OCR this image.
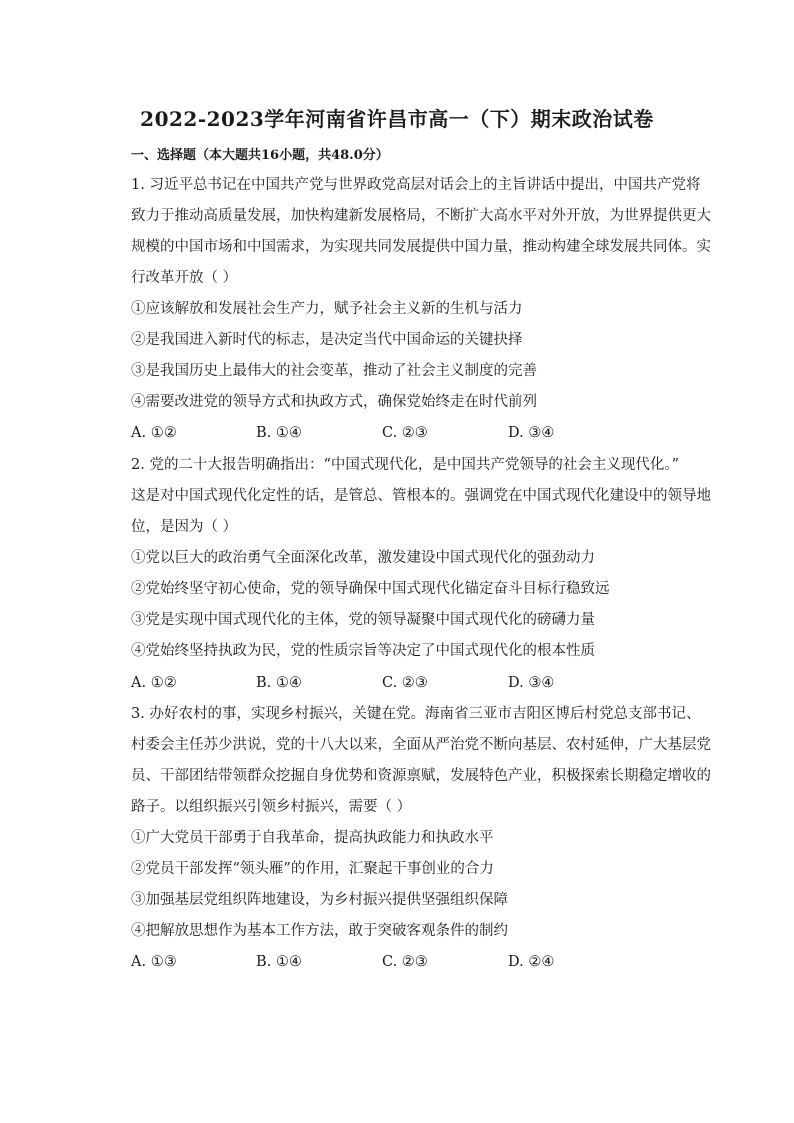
2022-2023学年河南省许昌市高一（下）期末政治试卷
一、选择题（本大题共16小题，共48.0分）
1. 习近平总书记在中国共产党与世界政党高层对话会上的主旨讲话中提出，中国共产党将
致力于推动高质量发展，加快构建新发展格局，不断扩大高水平对外开放，为世界提供更大
规模的中国市场和中国需求，为实现共同发展提供中国力量，推动构建全球发展共同体。实
行改革开放（ ）
①应该解放和发展社会生产力，赋予社会主义新的生机与活力
②是我国进入新时代的标志，是决定当代中国命运的关键抉择
③是我国历史上最伟大的社会变革，推动了社会主义制度的完善
④需要改进党的领导方式和执政方式，确保党始终走在时代前列
A. ①②	B. ①④	C. ②③	D. ③④
2. 党的二十大报告明确指出：“中国式现代化，是中国共产党领导的社会主义现代化。”
这是对中国式现代化定性的话，是管总、管根本的。强调党在中国式现代化建设中的领导地
位，是因为（ ）
①党以巨大的政治勇气全面深化改革，激发建设中国式现代化的强劲动力
②党始终坚守初心使命，党的领导确保中国式现代化锚定奋斗目标行稳致远
③党是实现中国式现代化的主体，党的领导凝聚中国式现代化的磅礴力量
④党始终坚持执政为民，党的性质宗旨等决定了中国式现代化的根本性质
A. ①②	B. ①④	C. ②③	D. ③④
3. 办好农村的事，实现乡村振兴，关键在党。海南省三亚市吉阳区博后村党总支部书记、
村委会主任苏少洪说，党的十八大以来，全面从严治党不断向基层、农村延伸，广大基层党
员、干部团结带领群众挖掘自身优势和资源禀赋，发展特色产业，积极探索长期稳定增收的
路子。以组织振兴引领乡村振兴，需要（ ）
①广大党员干部勇于自我革命，提高执政能力和执政水平
②党员干部发挥“领头雁”的作用，汇聚起干事创业的合力
③加强基层党组织阵地建设，为乡村振兴提供坚强组织保障
④把解放思想作为基本工作方法，敢于突破客观条件的制约
A. ①③	B. ①④	C. ②③	D. ②④
